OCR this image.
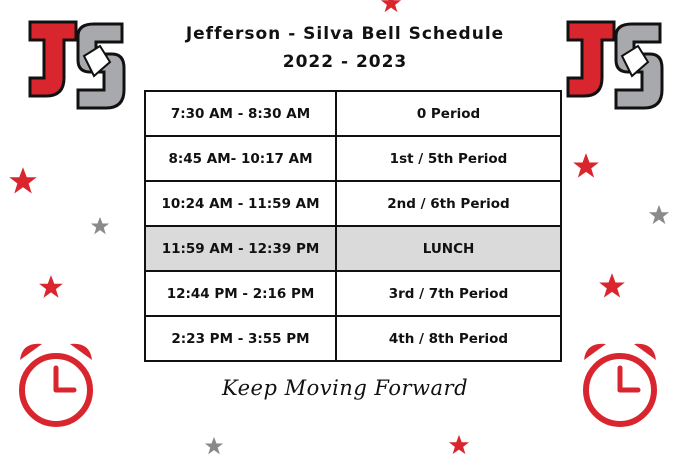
Jefferson - Silva Bell Schedule
2022 - 2023
7:30 AM - 8:30 AM	0 Period
8:45 AM- 10:17 AM	1st / 5th Period
10:24 AM - 11:59 AM	2nd / 6th Period
11:59 AM - 12:39 PM	LUNCH
12:44 PM - 2:16 PM	3rd / 7th Period
2:23 PM - 3:55 PM	4th / 8th Period
Keep Moving Forward
